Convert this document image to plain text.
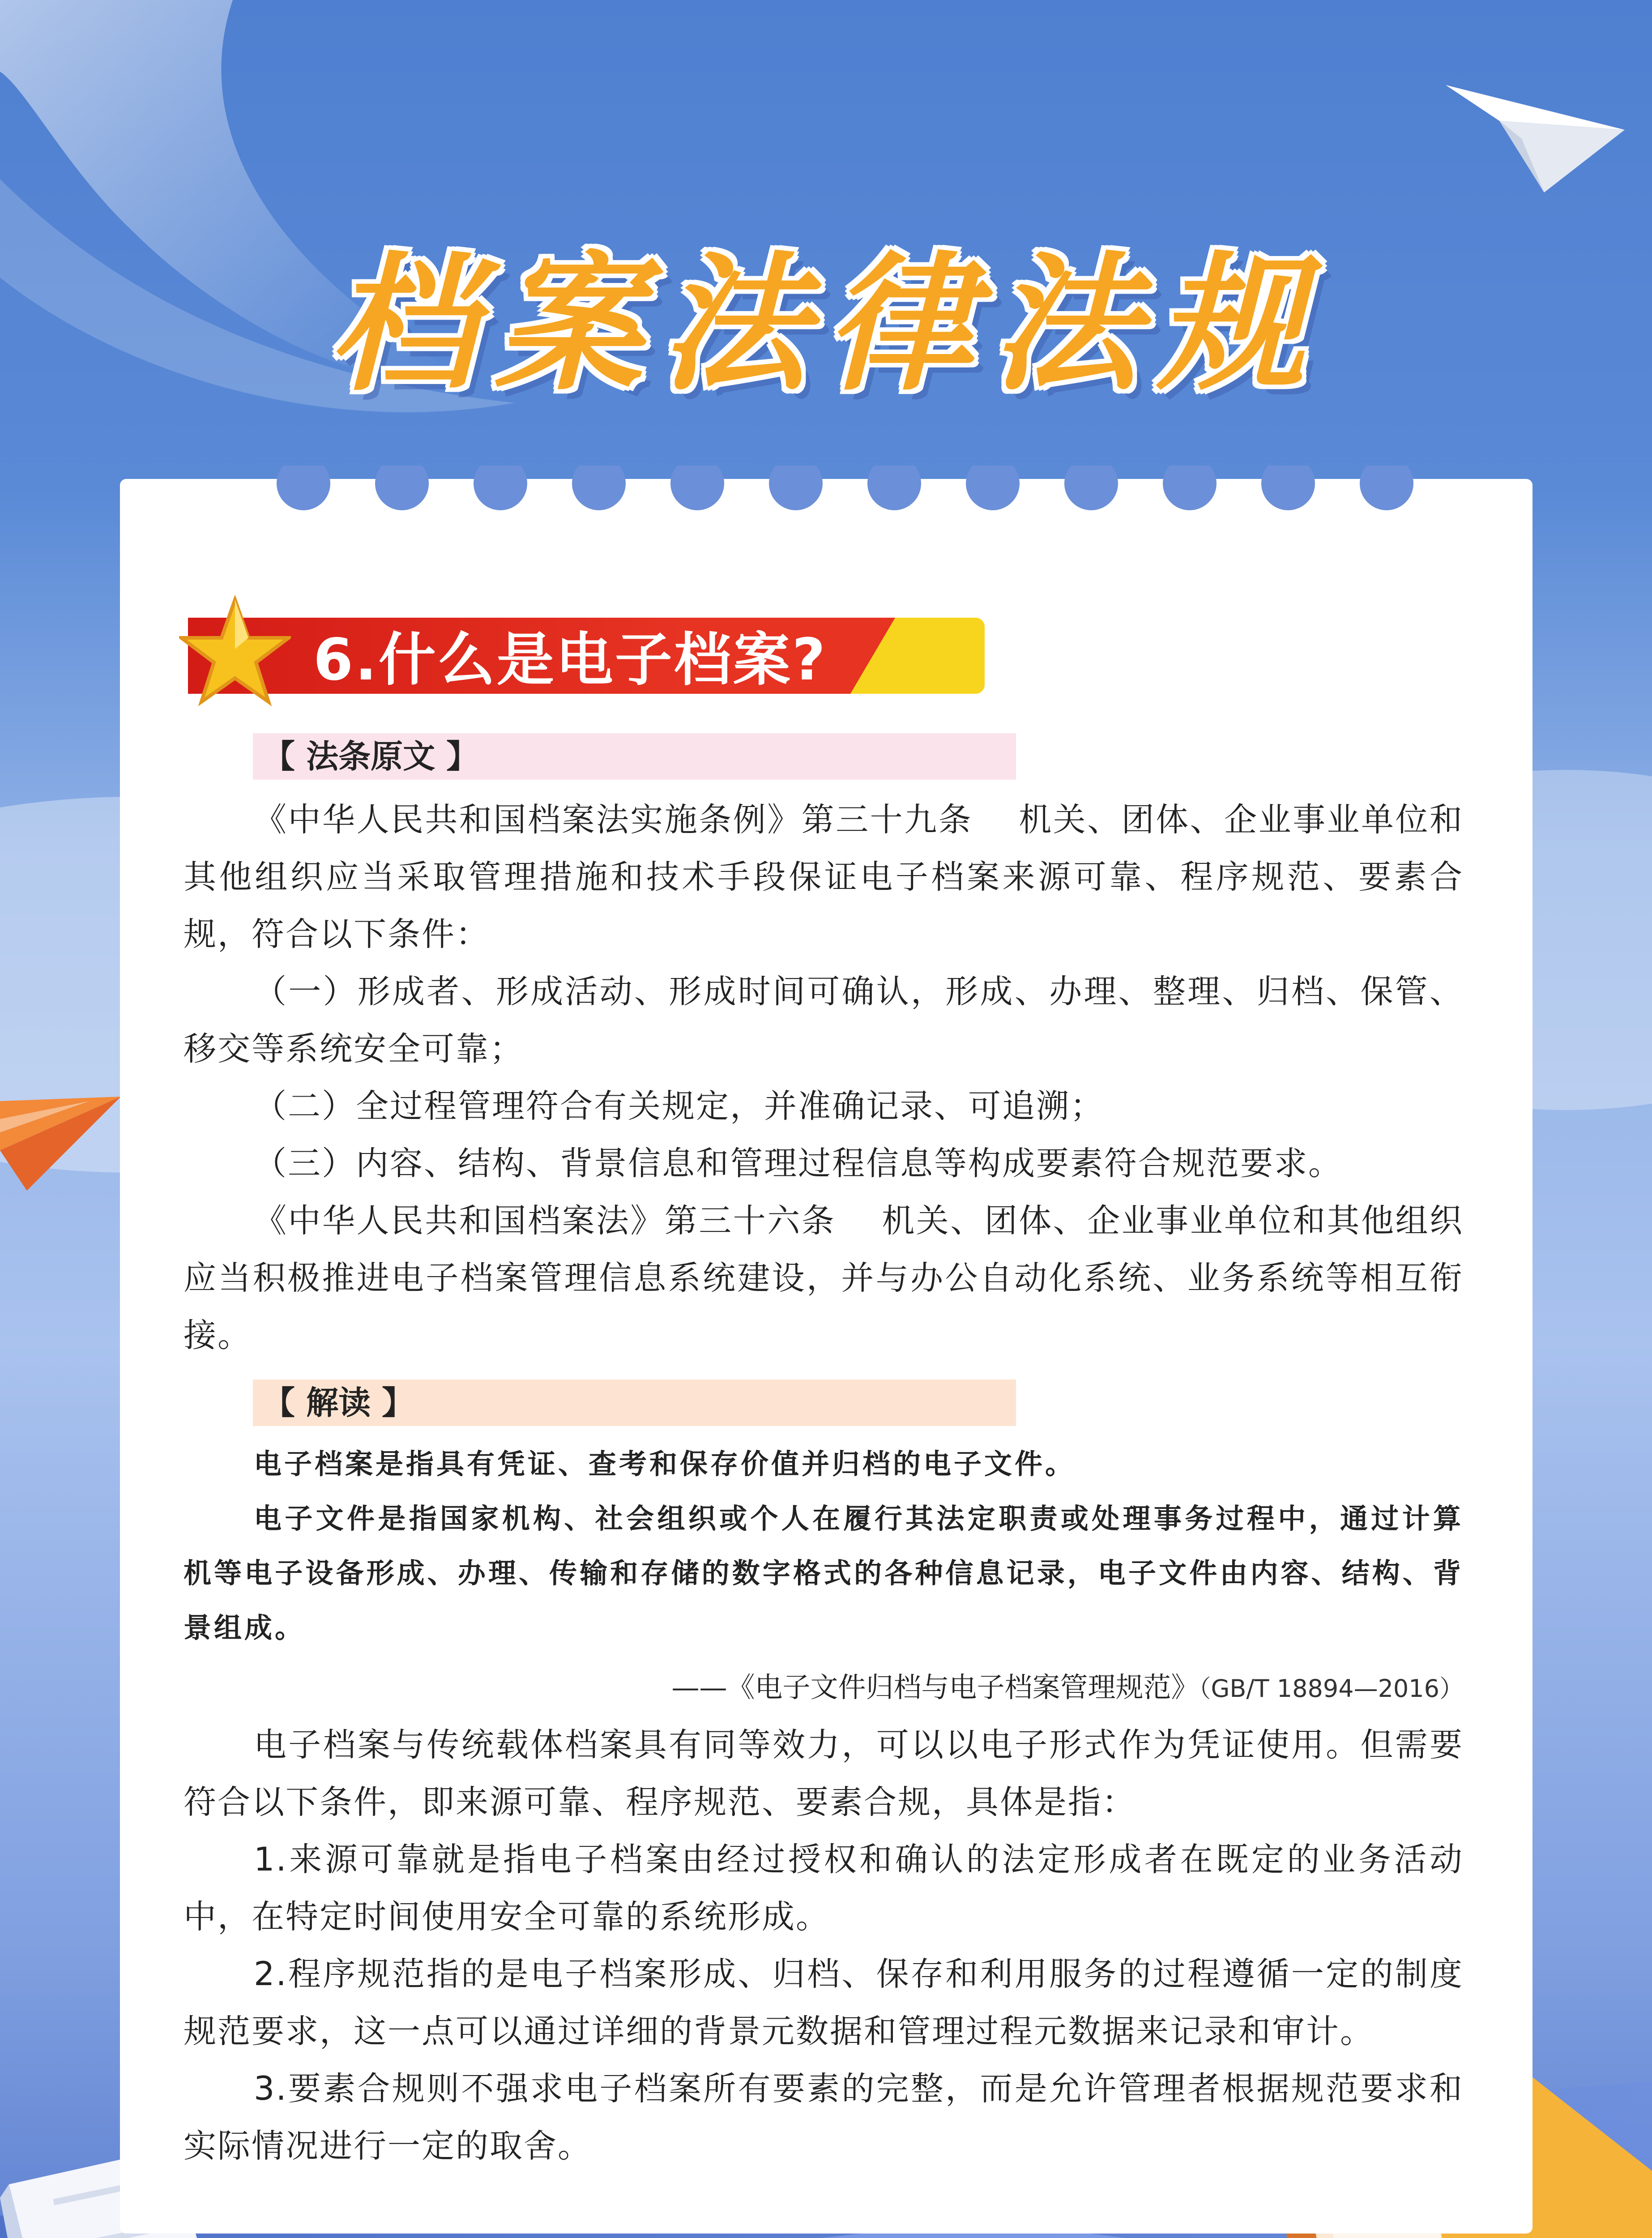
档案法律法规
6.什么是电子档案?
【 法条原文 】

《中华人民共和国档案法实施条例》第三十九条　 机关、团体、企业事业单位和其他组织应当采取管理措施和技术手段保证电子档案来源可靠、程序规范、要素合规，符合以下条件：

（一）形成者、形成活动、形成时间可确认，形成、办理、整理、归档、保管、移交等系统安全可靠；

（二）全过程管理符合有关规定，并准确记录、可追溯；

（三）内容、结构、背景信息和管理过程信息等构成要素符合规范要求。

《中华人民共和国档案法》第三十六条　 机关、团体、企业事业单位和其他组织应当积极推进电子档案管理信息系统建设，并与办公自动化系统、业务系统等相互衔接。

【 解读 】

电子档案是指具有凭证、查考和保存价值并归档的电子文件。

电子文件是指国家机构、社会组织或个人在履行其法定职责或处理事务过程中，通过计算机等电子设备形成、办理、传输和存储的数字格式的各种信息记录，电子文件由内容、结构、背景组成。

——《电子文件归档与电子档案管理规范》（GB/T 18894—2016）

电子档案与传统载体档案具有同等效力，可以以电子形式作为凭证使用。但需要符合以下条件，即来源可靠、程序规范、要素合规，具体是指：

1.来源可靠就是指电子档案由经过授权和确认的法定形成者在既定的业务活动中，在特定时间使用安全可靠的系统形成。

2.程序规范指的是电子档案形成、归档、保存和利用服务的过程遵循一定的制度规范要求，这一点可以通过详细的背景元数据和管理过程元数据来记录和审计。

3.要素合规则不强求电子档案所有要素的完整，而是允许管理者根据规范要求和实际情况进行一定的取舍。
